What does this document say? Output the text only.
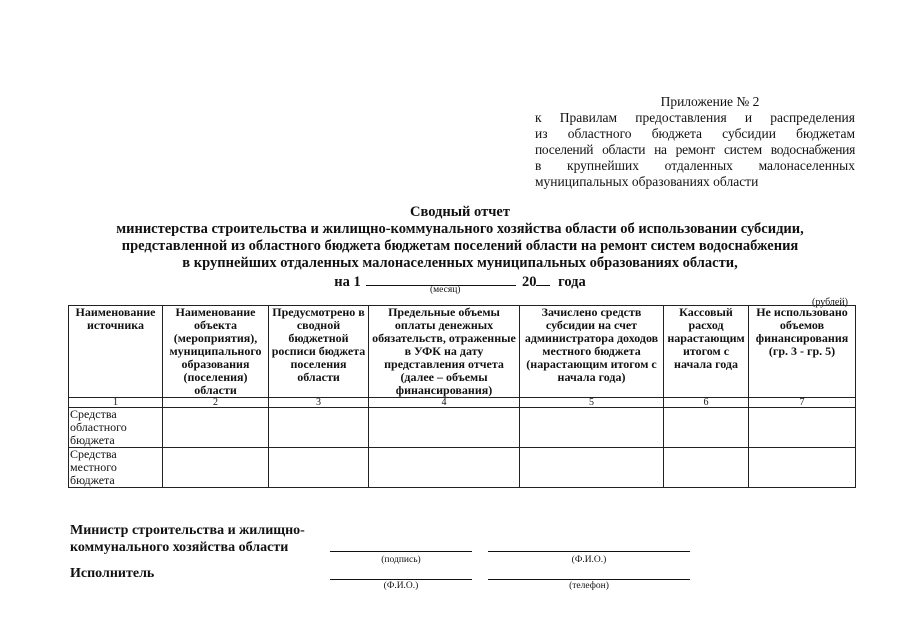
Приложение № 2
к Правилам предоставления и распределения
из областного бюджета субсидии бюджетам
поселений области на ремонт систем водоснабжения
в крупнейших отдаленных малонаселенных
муниципальных образованиях области
Сводный отчет
министерства строительства и жилищно-коммунального хозяйства области об использовании субсидии,
представленной из областного бюджета бюджетам поселений области на ремонт систем водоснабжения
в крупнейших отдаленных малонаселенных муниципальных образованиях области,
на 1	20 года
(месяц)
(рублей)
Наименование источника	Наименование объекта (мероприятия), муниципального образования (поселения) области	Предусмотрено в сводной бюджетной росписи бюджета поселения области	Предельные объемы оплаты денежных обязательств, отраженные в УФК на дату представления отчета (далее – объемы финансирования)	Зачислено средств субсидии на счет администратора доходов местного бюджета (нарастающим итогом с начала года)	Кассовый расход нарастающим итогом с начала года	Не использовано объемов финансирования (гр. 3 - гр. 5)
1	2	3	4	5	6	7
Средства областного бюджета						
Средства местного бюджета						
Министр строительства и жилищно-
коммунального хозяйства области
(подпись)	(Ф.И.О.)
Исполнитель
(Ф.И.О.)	(телефон)
